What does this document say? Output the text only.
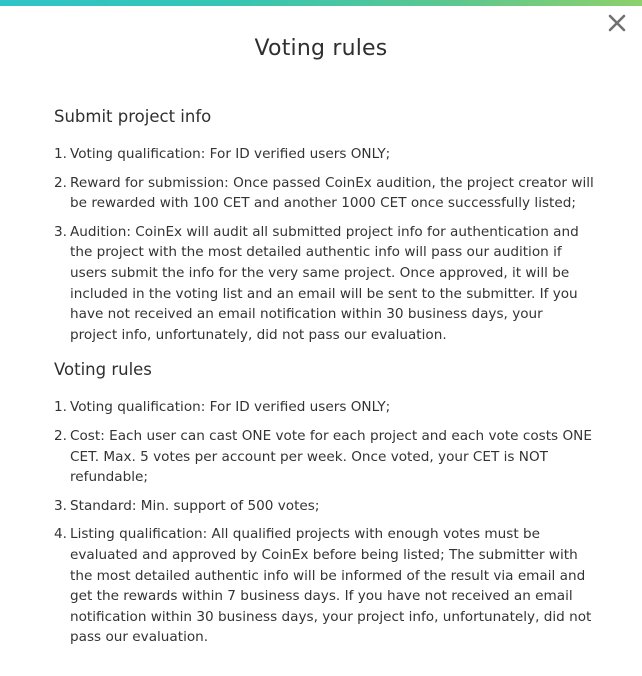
Voting rules
Submit project info
1. Voting qualification: For ID verified users ONLY;
2. Reward for submission: Once passed CoinEx audition, the project creator will be rewarded with 100 CET and another 1000 CET once successfully listed;
3. Audition: CoinEx will audit all submitted project info for authentication and the project with the most detailed authentic info will pass our audition if users submit the info for the very same project. Once approved, it will be included in the voting list and an email will be sent to the submitter. If you have not received an email notification within 30 business days, your project info, unfortunately, did not pass our evaluation.
Voting rules
1. Voting qualification: For ID verified users ONLY;
2. Cost: Each user can cast ONE vote for each project and each vote costs ONE CET. Max. 5 votes per account per week. Once voted, your CET is NOT refundable;
3. Standard: Min. support of 500 votes;
4. Listing qualification: All qualified projects with enough votes must be evaluated and approved by CoinEx before being listed; The submitter with the most detailed authentic info will be informed of the result via email and get the rewards within 7 business days. If you have not received an email notification within 30 business days, your project info, unfortunately, did not pass our evaluation.
